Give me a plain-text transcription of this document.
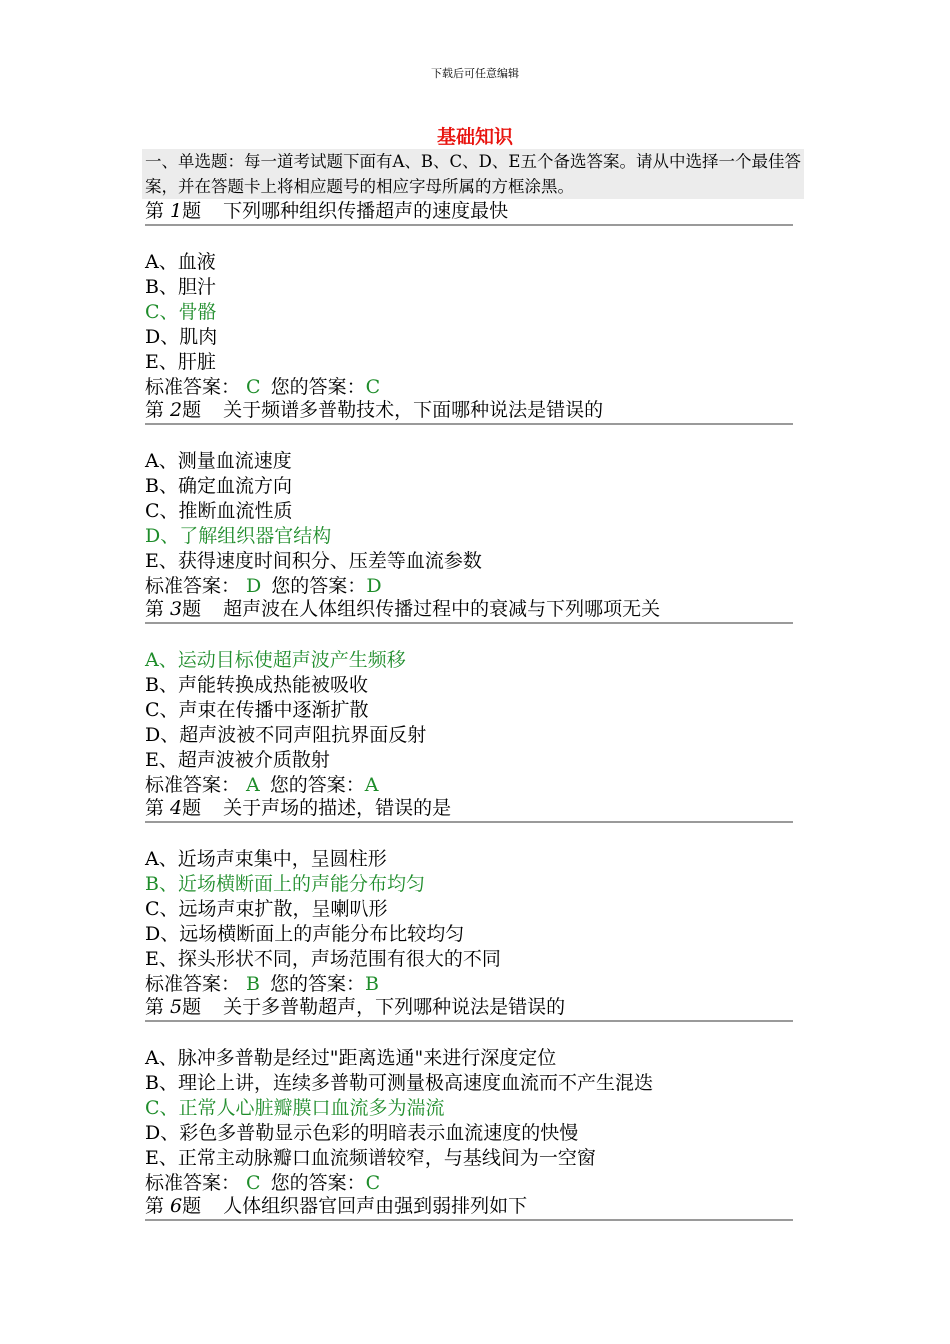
下载后可任意编辑
基础知识
一、单选题：每一道考试题下面有A、B、C、D、E五个备选答案。请从中选择一个最佳答案，并在答题卡上将相应题号的相应字母所属的方框涂黑。
第 1题 下列哪种组织传播超声的速度最快
A、血液
B、胆汁
C、骨骼
D、肌肉
E、肝脏
标准答案： C 您的答案：C
第 2题 关于频谱多普勒技术，下面哪种说法是错误的
A、测量血流速度
B、确定血流方向
C、推断血流性质
D、了解组织器官结构
E、获得速度时间积分、压差等血流参数
标准答案： D 您的答案：D
第 3题 超声波在人体组织传播过程中的衰减与下列哪项无关
A、运动目标使超声波产生频移
B、声能转换成热能被吸收
C、声束在传播中逐渐扩散
D、超声波被不同声阻抗界面反射
E、超声波被介质散射
标准答案： A 您的答案：A
第 4题 关于声场的描述，错误的是
A、近场声束集中，呈圆柱形
B、近场横断面上的声能分布均匀
C、远场声束扩散，呈喇叭形
D、远场横断面上的声能分布比较均匀
E、探头形状不同，声场范围有很大的不同
标准答案： B 您的答案：B
第 5题 关于多普勒超声，下列哪种说法是错误的
A、脉冲多普勒是经过"距离选通"来进行深度定位
B、理论上讲，连续多普勒可测量极高速度血流而不产生混迭
C、正常人心脏瓣膜口血流多为湍流
D、彩色多普勒显示色彩的明暗表示血流速度的快慢
E、正常主动脉瓣口血流频谱较窄，与基线间为一空窗
标准答案： C 您的答案：C
第 6题 人体组织器官回声由强到弱排列如下
